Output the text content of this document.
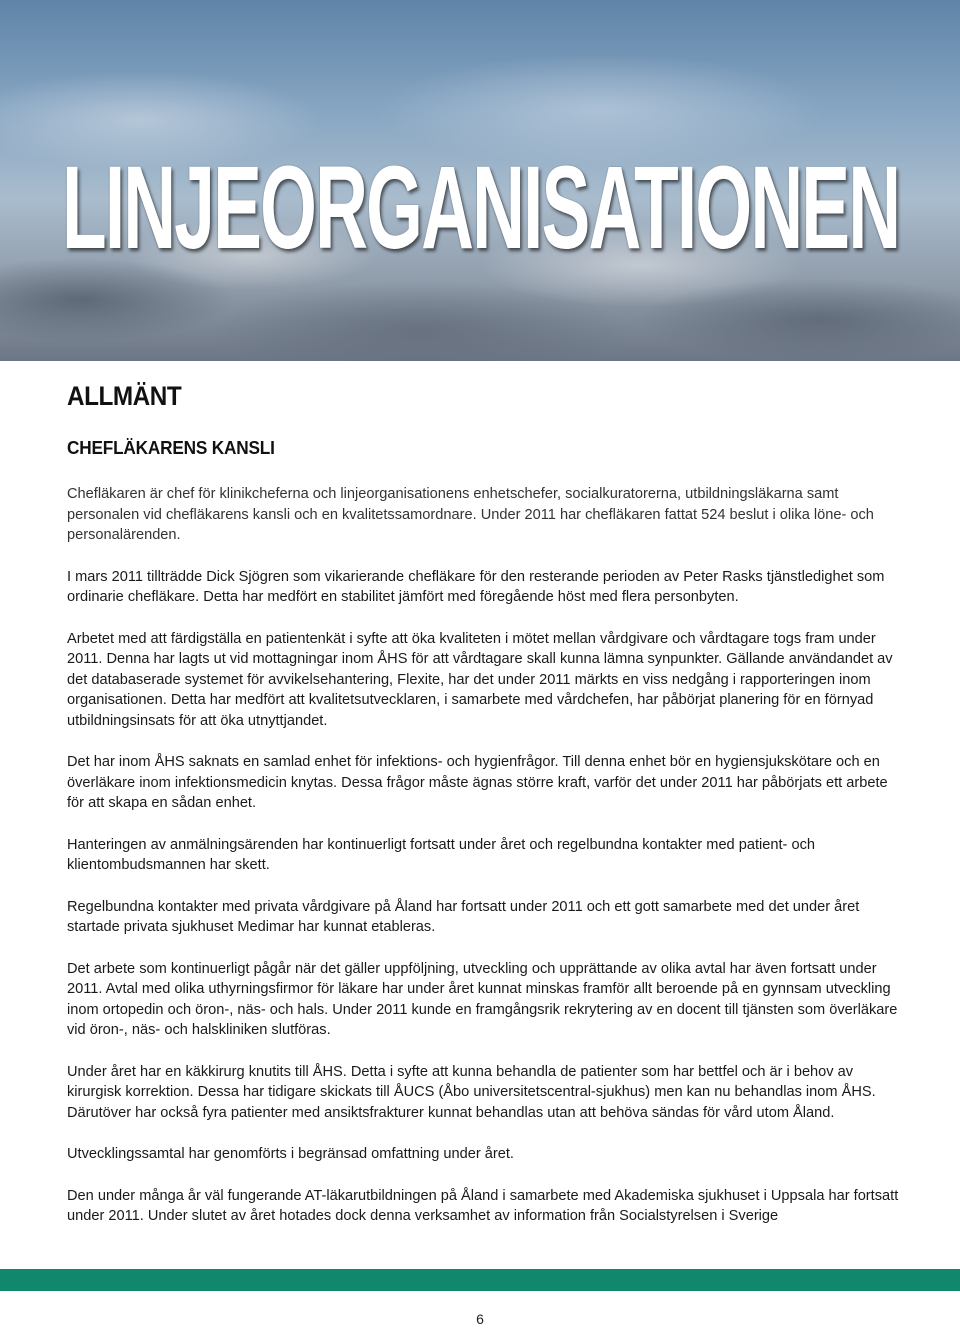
LINJEORGANISATIONEN
ALLMÄNT
CHEFLÄKARENS KANSLI

Chefläkaren är chef för klinikcheferna och linjeorganisationens enhetschefer, socialkuratorerna, utbildningsläkarna samt personalen vid chefläkarens kansli och en kvalitetssamordnare. Under 2011 har chefläkaren fattat 524 beslut i olika löne- och personalärenden.

I mars 2011 tillträdde Dick Sjögren som vikarierande chefläkare för den resterande perioden av Peter Rasks tjänstledighet som ordinarie chefläkare. Detta har medfört en stabilitet jämfört med föregående höst med flera personbyten.

Arbetet med att färdigställa en patientenkät i syfte att öka kvaliteten i mötet mellan vårdgivare och vårdtagare togs fram under 2011. Denna har lagts ut vid mottagningar inom ÅHS för att vårdtagare skall kunna lämna synpunkter. Gällande användandet av det databaserade systemet för avvikelsehantering, Flexite, har det under 2011 märkts en viss nedgång i rapporteringen inom organisationen. Detta har medfört att kvalitetsutvecklaren, i samarbete med vårdchefen, har påbörjat planering för en förnyad utbildningsinsats för att öka utnyttjandet.

Det har inom ÅHS saknats en samlad enhet för infektions- och hygienfrågor. Till denna enhet bör en hygiensjukskötare och en överläkare inom infektionsmedicin knytas. Dessa frågor måste ägnas större kraft, varför det under 2011 har påbörjats ett arbete för att skapa en sådan enhet.

Hanteringen av anmälningsärenden har kontinuerligt fortsatt under året och regelbundna kontakter med patient- och klientombudsmannen har skett.

Regelbundna kontakter med privata vårdgivare på Åland har fortsatt under 2011 och ett gott samarbete med det under året startade privata sjukhuset Medimar har kunnat etableras.

Det arbete som kontinuerligt pågår när det gäller uppföljning, utveckling och upprättande av olika avtal har även fortsatt under 2011. Avtal med olika uthyrningsfirmor för läkare har under året kunnat minskas framför allt beroende på en gynnsam utveckling inom ortopedin och öron-, näs- och hals. Under 2011 kunde en framgångsrik rekrytering av en docent till tjänsten som överläkare vid öron-, näs- och halskliniken slutföras.

Under året har en käkkirurg knutits till ÅHS. Detta i syfte att kunna behandla de patienter som har bettfel och är i behov av kirurgisk korrektion. Dessa har tidigare skickats till ÅUCS (Åbo universitetscentral-sjukhus) men kan nu behandlas inom ÅHS. Därutöver har också fyra patienter med ansiktsfrakturer kunnat behandlas utan att behöva sändas för vård utom Åland.

Utvecklingssamtal har genomförts i begränsad omfattning under året.

Den under många år väl fungerande AT-läkarutbildningen på Åland i samarbete med Akademiska sjukhuset i Uppsala har fortsatt under 2011. Under slutet av året hotades dock denna verksamhet av information från Socialstyrelsen i Sverige

6
